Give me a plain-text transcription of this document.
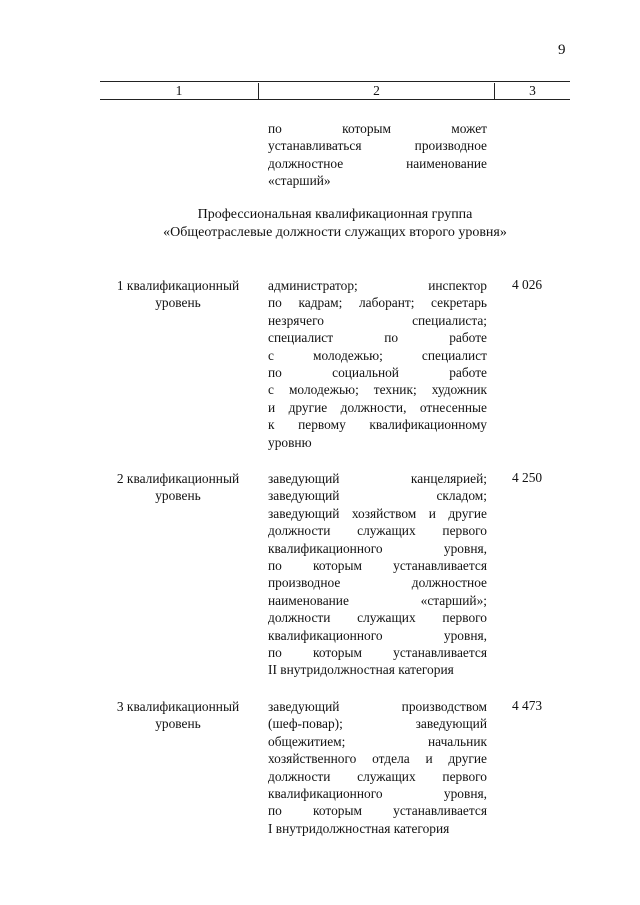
9
1	2	3
по которым может
устанавливаться производное
должностное наименование
«старший»
Профессиональная квалификационная группа
«Общеотраслевые должности служащих второго уровня»
1 квалификационный
уровень
администратор; инспектор
по кадрам; лаборант; секретарь
незрячего специалиста;
специалист по работе
с молодежью; специалист
по социальной работе
с молодежью; техник; художник
и другие должности, отнесенные
к первому квалификационному
уровню
4 026
2 квалификационный
уровень
заведующий канцелярией;
заведующий складом;
заведующий хозяйством и другие
должности служащих первого
квалификационного уровня,
по которым устанавливается
производное должностное
наименование «старший»;
должности служащих первого
квалификационного уровня,
по которым устанавливается
II внутридолжностная категория
4 250
3 квалификационный
уровень
заведующий производством
(шеф-повар); заведующий
общежитием; начальник
хозяйственного отдела и другие
должности служащих первого
квалификационного уровня,
по которым устанавливается
I внутридолжностная категория
4 473
